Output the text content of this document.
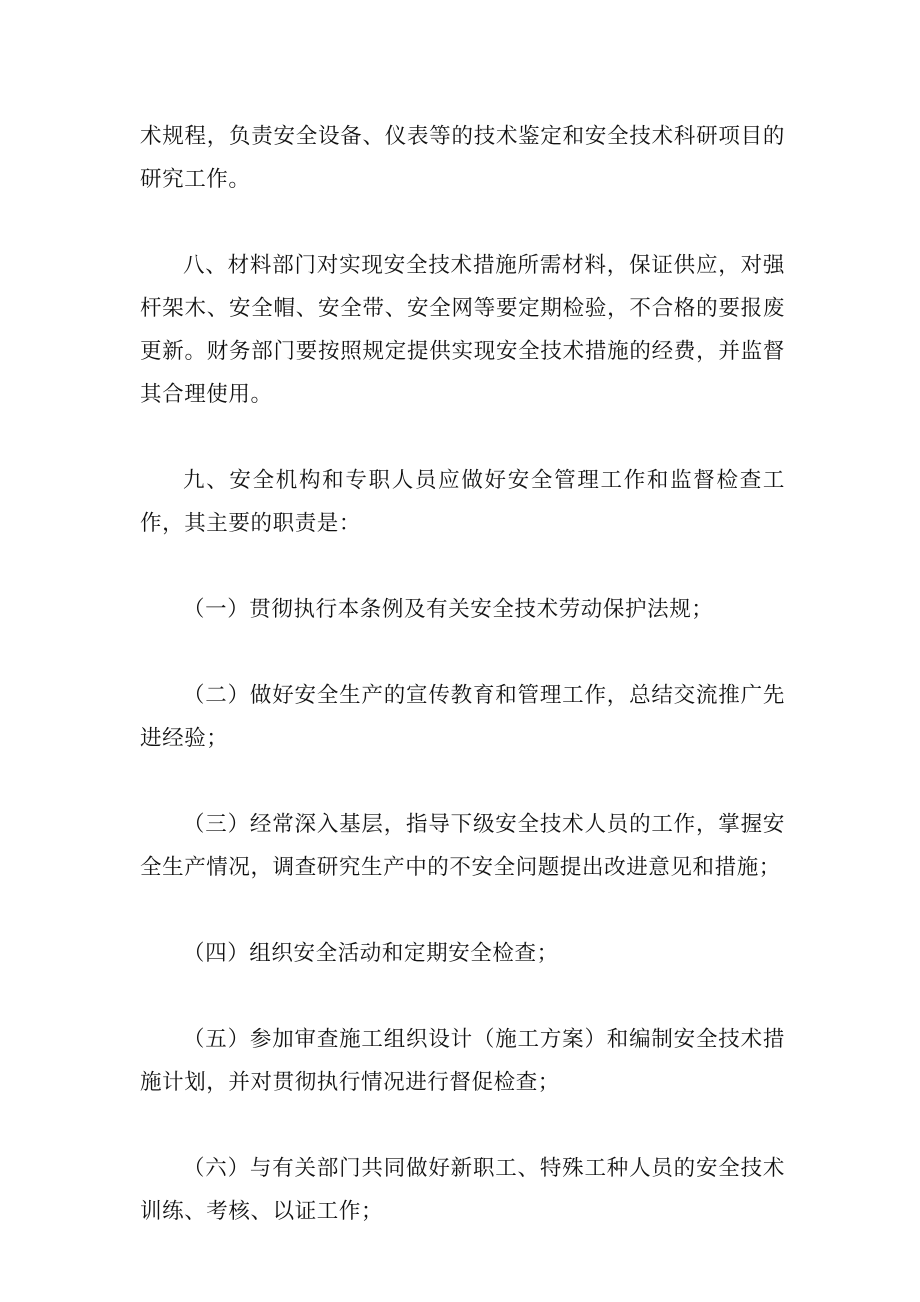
术规程，负责安全设备、仪表等的技术鉴定和安全技术科研项目的研究工作。

八、材料部门对实现安全技术措施所需材料，保证供应，对强杆架木、安全帽、安全带、安全网等要定期检验，不合格的要报废更新。财务部门要按照规定提供实现安全技术措施的经费，并监督其合理使用。

九、安全机构和专职人员应做好安全管理工作和监督检查工作，其主要的职责是：

（一）贯彻执行本条例及有关安全技术劳动保护法规；

（二）做好安全生产的宣传教育和管理工作，总结交流推广先进经验；

（三）经常深入基层，指导下级安全技术人员的工作，掌握安全生产情况，调查研究生产中的不安全问题提出改进意见和措施；

（四）组织安全活动和定期安全检查；

（五）参加审查施工组织设计（施工方案）和编制安全技术措施计划，并对贯彻执行情况进行督促检查；

（六）与有关部门共同做好新职工、特殊工种人员的安全技术训练、考核、以证工作；
